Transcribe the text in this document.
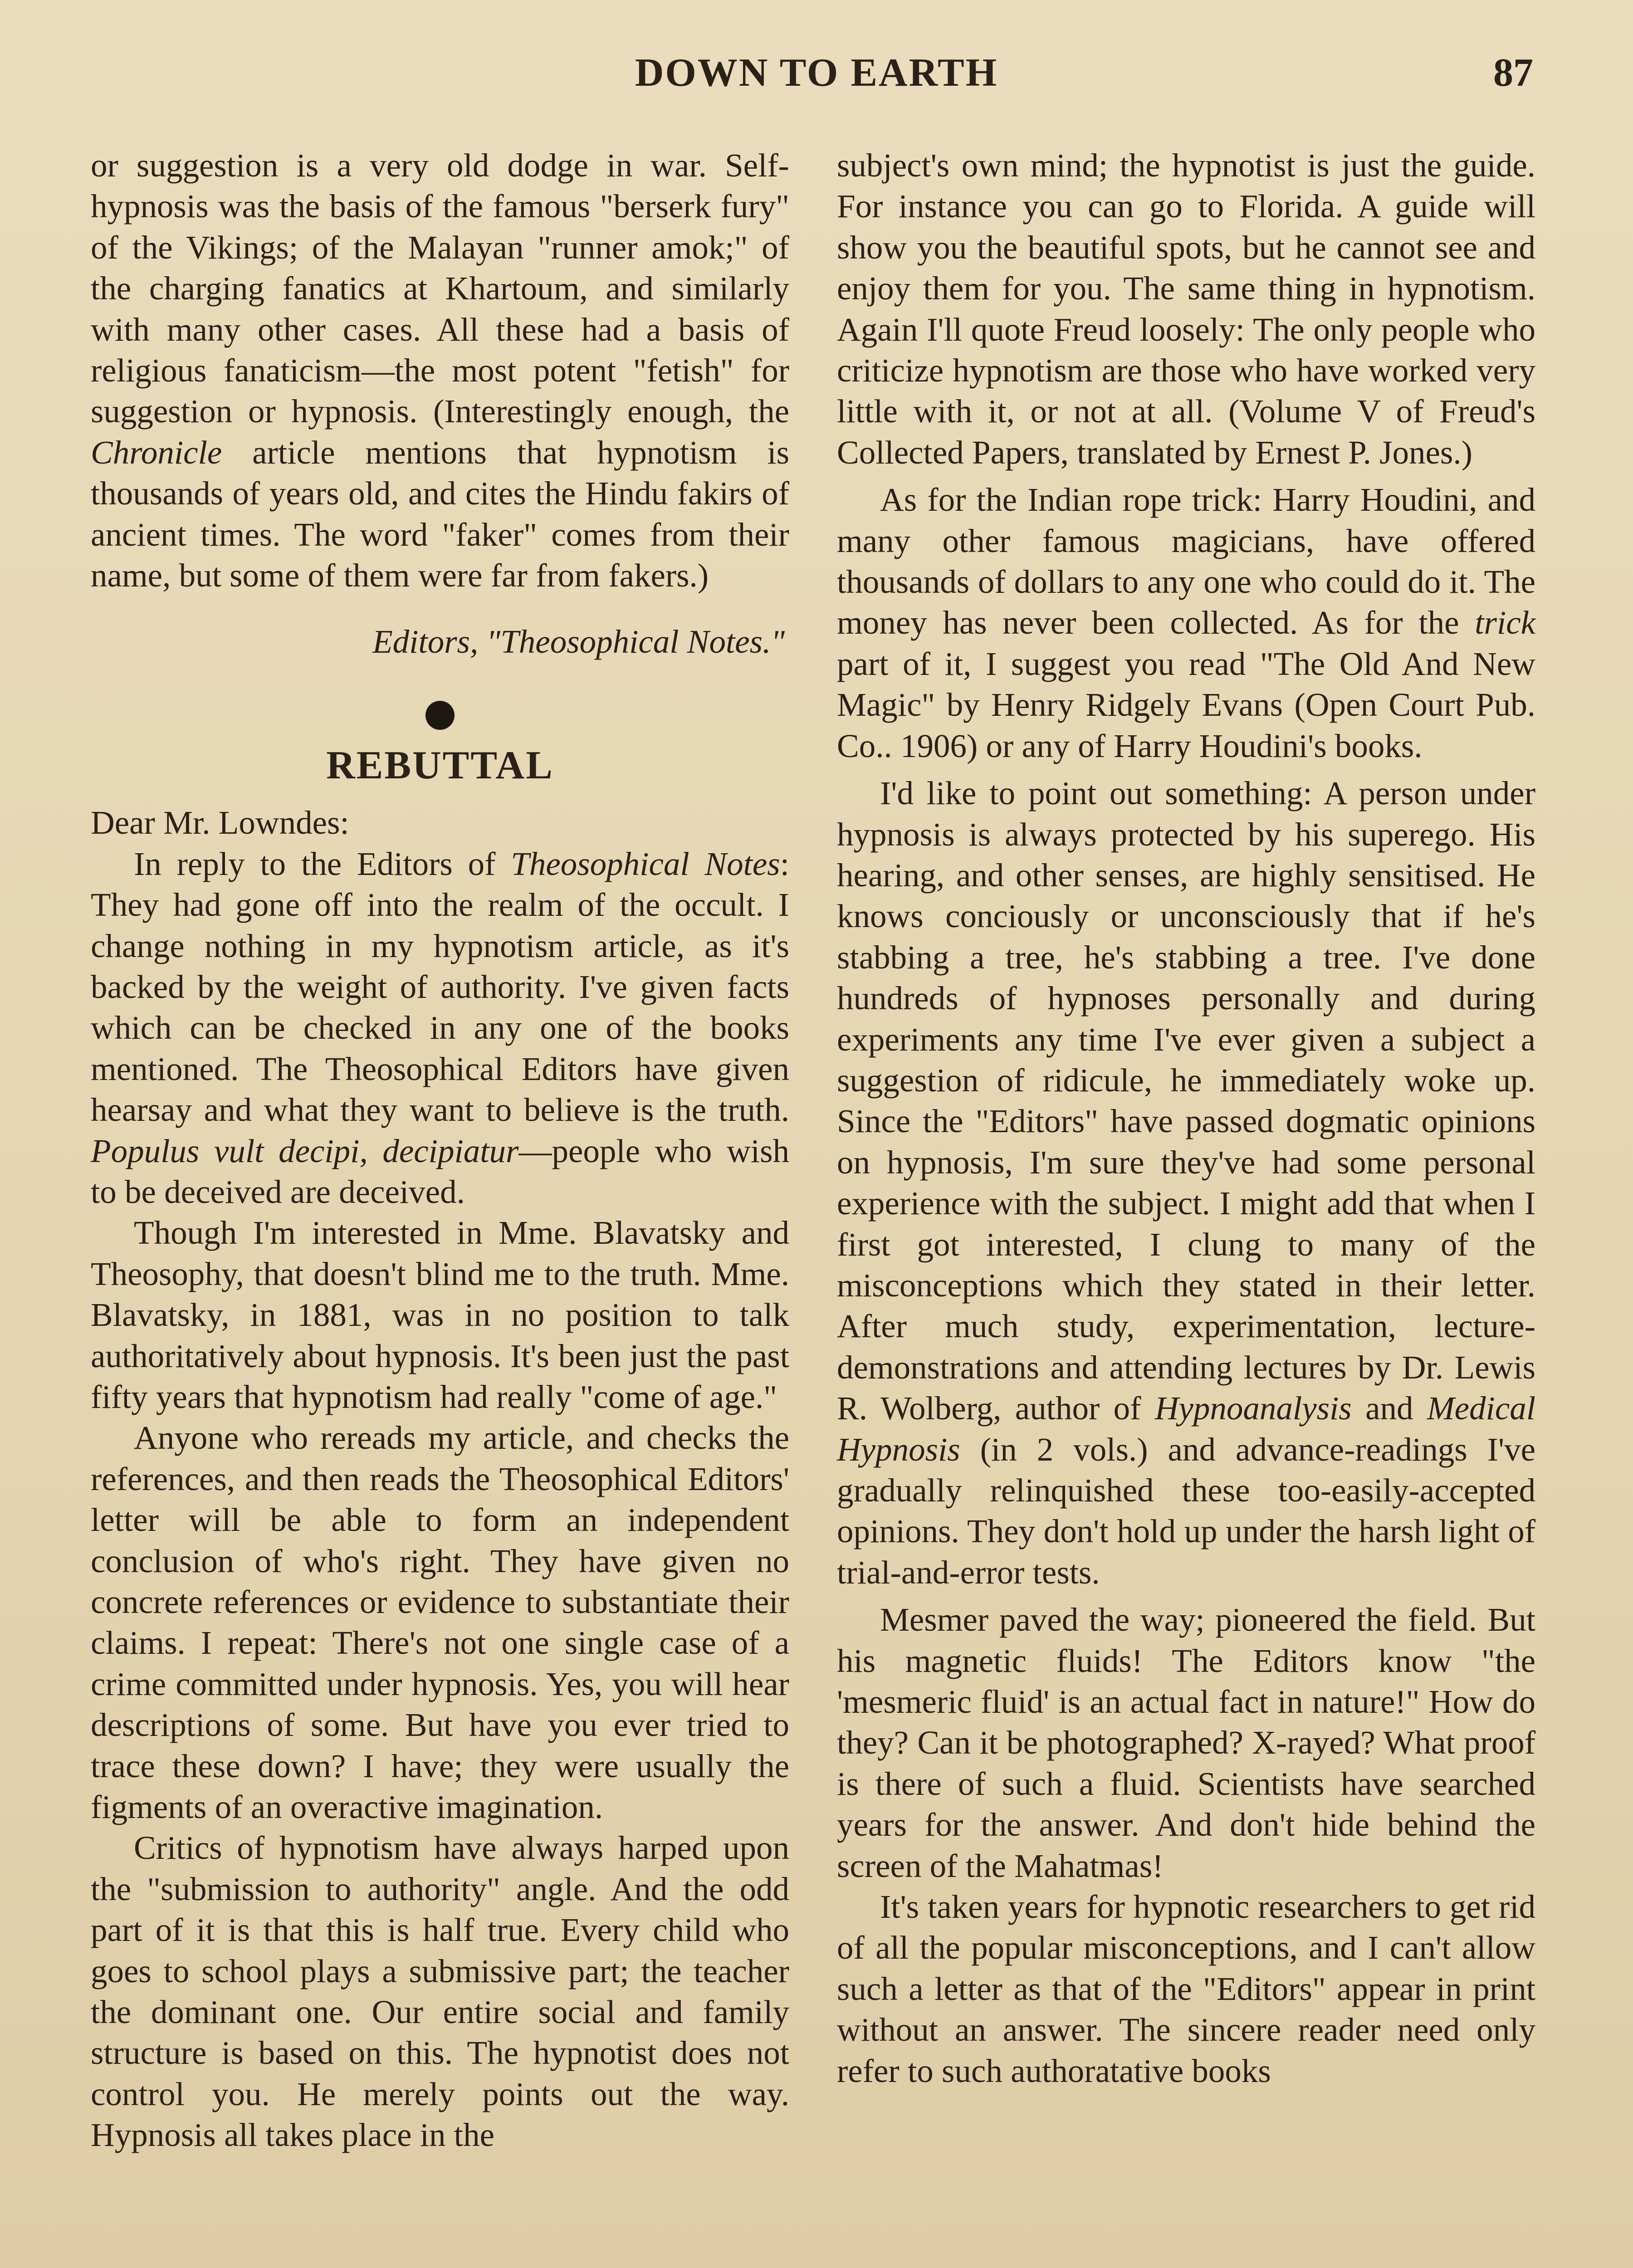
DOWN TO EARTH	87

or suggestion is a very old dodge in war. Self-hypnosis was the basis of the famous "berserk fury" of the Vikings; of the Malayan "runner amok;" of the charging fanatics at Khartoum, and similarly with many other cases. All these had a basis of religious fanaticism—the most potent "fetish" for suggestion or hypnosis. (Interestingly enough, the Chronicle article mentions that hypnotism is thousands of years old, and cites the Hindu fakirs of ancient times. The word "faker" comes from their name, but some of them were far from fakers.)

Editors, "Theosophical Notes."

REBUTTAL

Dear Mr. Lowndes:

In reply to the Editors of Theosophical Notes: They had gone off into the realm of the occult. I change nothing in my hypnotism article, as it's backed by the weight of authority. I've given facts which can be checked in any one of the books mentioned. The Theosophical Editors have given hearsay and what they want to believe is the truth. Populus vult decipi, decipiatur—people who wish to be deceived are deceived.

Though I'm interested in Mme. Blavatsky and Theosophy, that doesn't blind me to the truth. Mme. Blavatsky, in 1881, was in no position to talk authoritatively about hypnosis. It's been just the past fifty years that hypnotism had really "come of age."

Anyone who rereads my article, and checks the references, and then reads the Theosophical Editors' letter will be able to form an independent conclusion of who's right. They have given no concrete references or evidence to substantiate their claims. I repeat: There's not one single case of a crime committed under hypnosis. Yes, you will hear descriptions of some. But have you ever tried to trace these down? I have; they were usually the figments of an overactive imagination.

Critics of hypnotism have always harped upon the "submission to authority" angle. And the odd part of it is that this is half true. Every child who goes to school plays a submissive part; the teacher the dominant one. Our entire social and family structure is based on this. The hypnotist does not control you. He merely points out the way. Hypnosis all takes place in the

subject's own mind; the hypnotist is just the guide. For instance you can go to Florida. A guide will show you the beautiful spots, but he cannot see and enjoy them for you. The same thing in hypnotism. Again I'll quote Freud loosely: The only people who criticize hypnotism are those who have worked very little with it, or not at all. (Volume V of Freud's Collected Papers, translated by Ernest P. Jones.)

As for the Indian rope trick: Harry Houdini, and many other famous magicians, have offered thousands of dollars to any one who could do it. The money has never been collected. As for the trick part of it, I suggest you read "The Old And New Magic" by Henry Ridgely Evans (Open Court Pub. Co.. 1906) or any of Harry Houdini's books.

I'd like to point out something: A person under hypnosis is always protected by his superego. His hearing, and other senses, are highly sensitised. He knows conciously or unconsciously that if he's stabbing a tree, he's stabbing a tree. I've done hundreds of hypnoses personally and during experiments any time I've ever given a subject a suggestion of ridicule, he immediately woke up. Since the "Editors" have passed dogmatic opinions on hypnosis, I'm sure they've had some personal experience with the subject. I might add that when I first got interested, I clung to many of the misconceptions which they stated in their letter. After much study, experimentation, lecture-demonstrations and attending lectures by Dr. Lewis R. Wolberg, author of Hypnoanalysis and Medical Hypnosis (in 2 vols.) and advance-readings I've gradually relinquished these too-easily-accepted opinions. They don't hold up under the harsh light of trial-and-error tests.

Mesmer paved the way; pioneered the field. But his magnetic fluids! The Editors know "the 'mesmeric fluid' is an actual fact in nature!" How do they? Can it be photographed? X-rayed? What proof is there of such a fluid. Scientists have searched years for the answer. And don't hide behind the screen of the Mahatmas!

It's taken years for hypnotic researchers to get rid of all the popular misconceptions, and I can't allow such a letter as that of the "Editors" appear in print without an answer. The sincere reader need only refer to such authoratative books
